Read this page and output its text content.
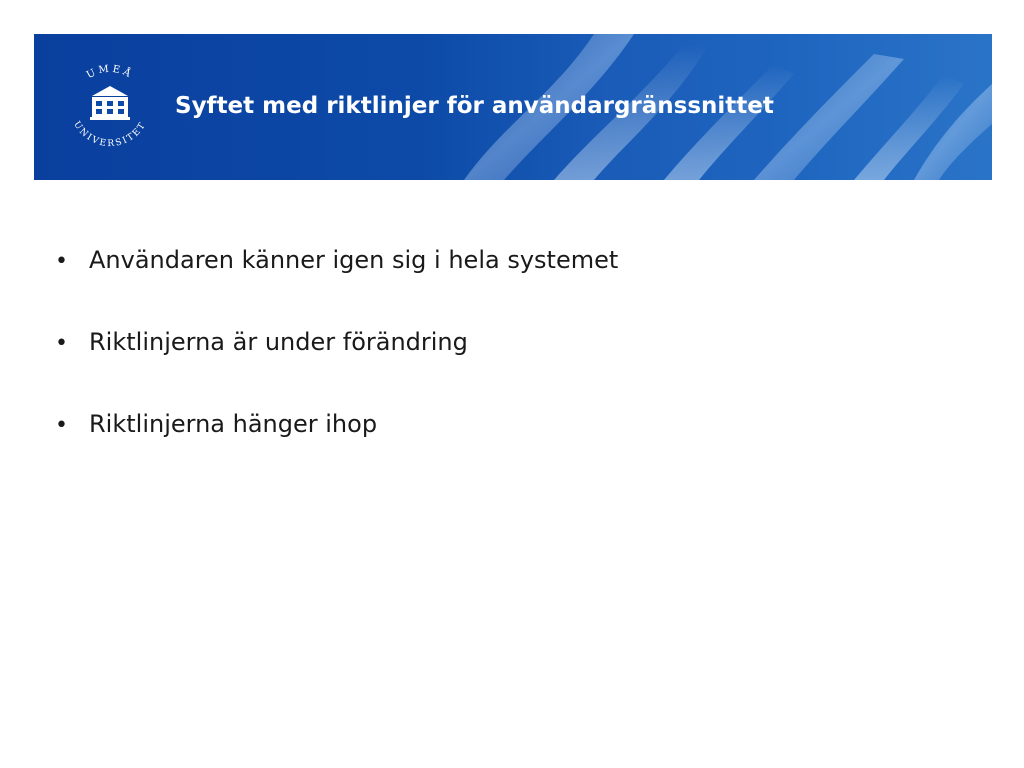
UMEÅ
UNIVERSITET
Syftet med riktlinjer för användargränssnittet
• Användaren känner igen sig i hela systemet
• Riktlinjerna är under förändring
• Riktlinjerna hänger ihop
